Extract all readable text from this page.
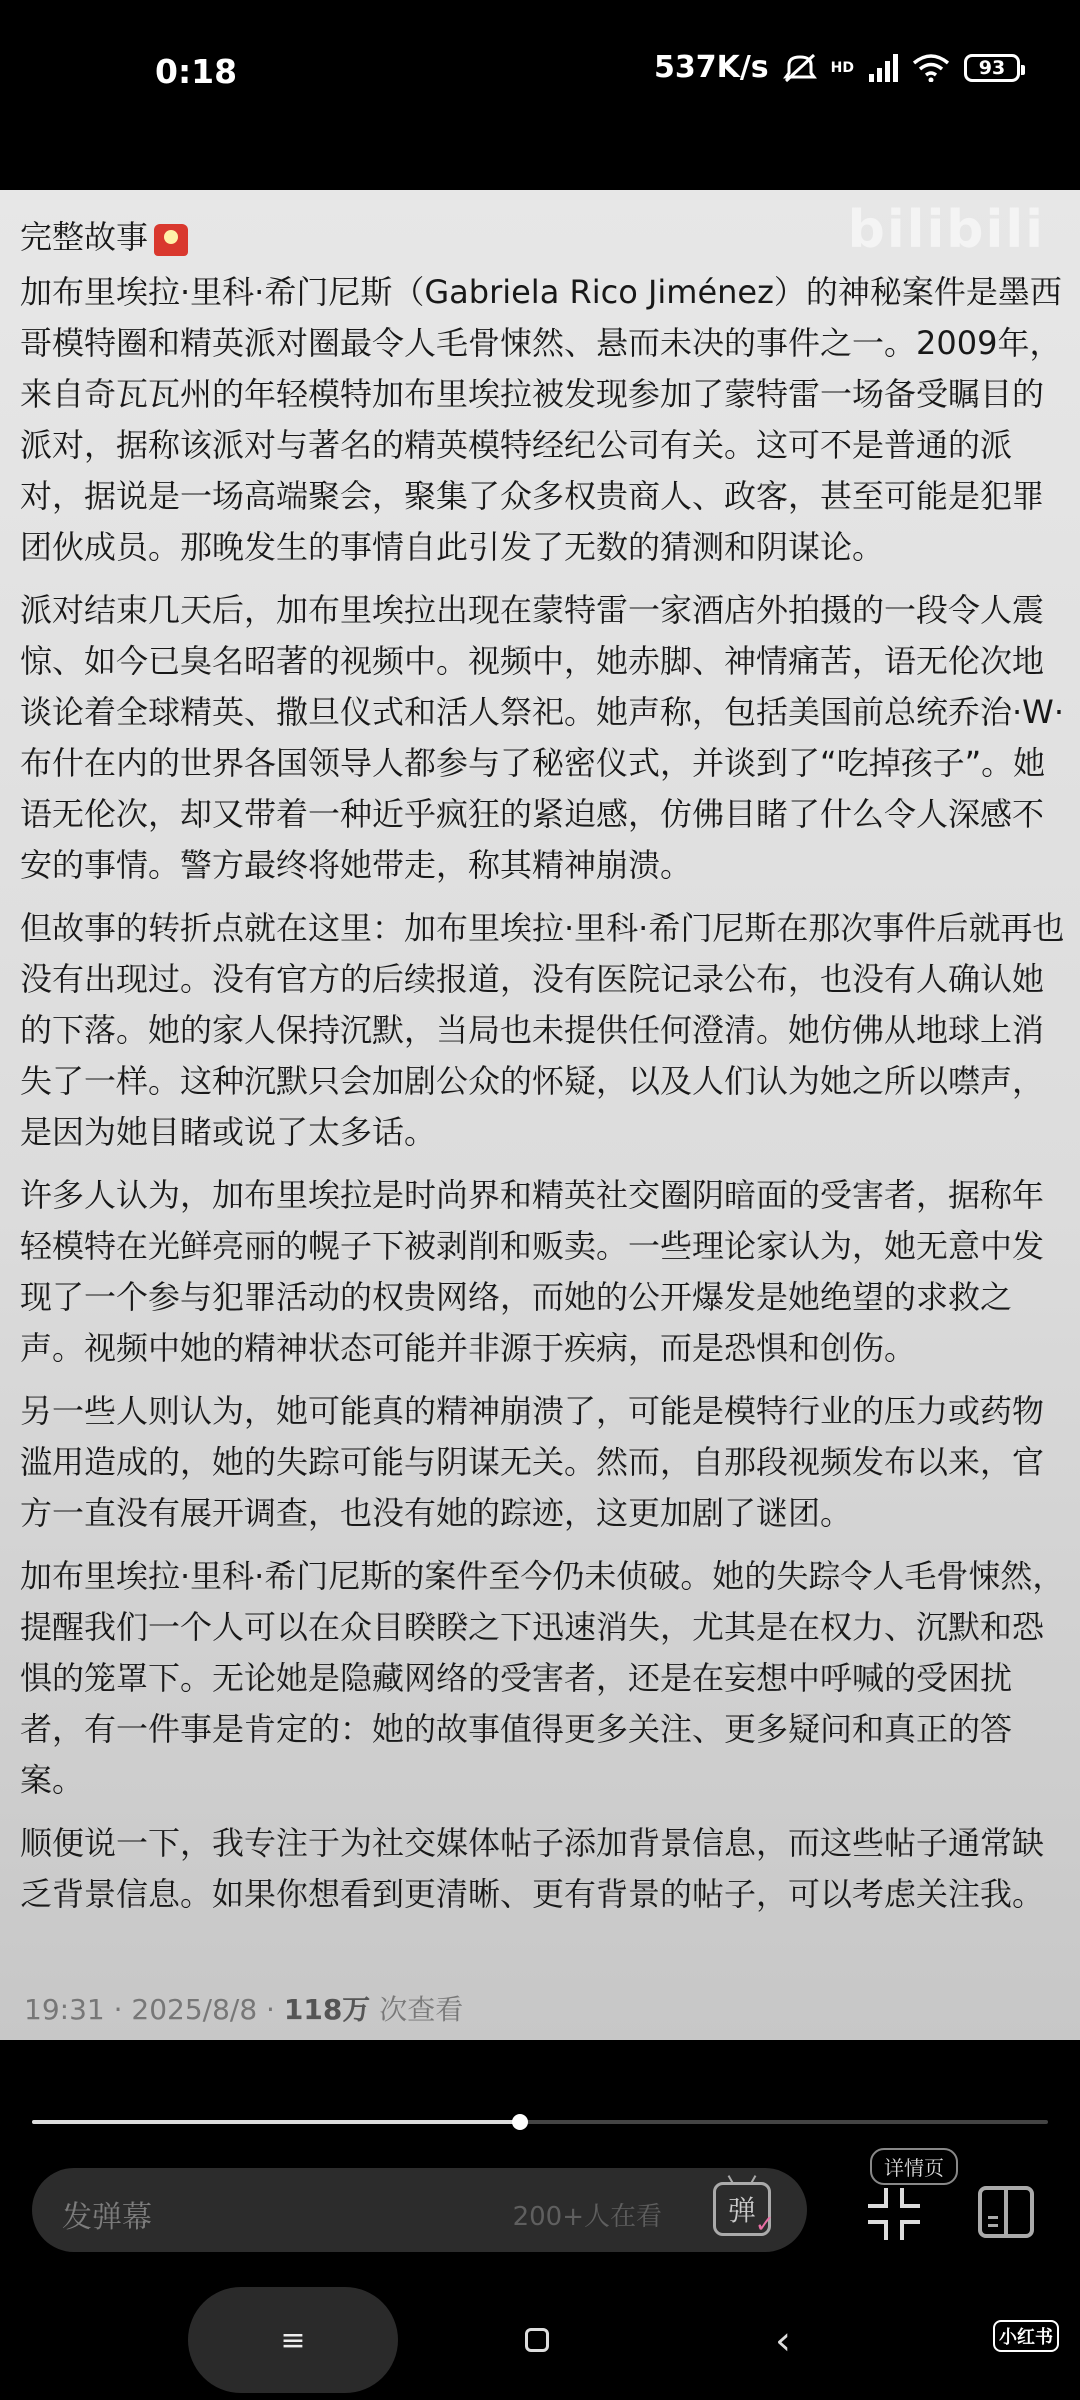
0:18	537K/s	HD	93
bilibili
完整故事

加布里埃拉·里科·希门尼斯（Gabriela Rico Jiménez）的神秘案件是墨西哥模特圈和精英派对圈最令人毛骨悚然、悬而未决的事件之一。2009年，来自奇瓦瓦州的年轻模特加布里埃拉被发现参加了蒙特雷一场备受瞩目的派对，据称该派对与著名的精英模特经纪公司有关。这可不是普通的派对，据说是一场高端聚会，聚集了众多权贵商人、政客，甚至可能是犯罪团伙成员。那晚发生的事情自此引发了无数的猜测和阴谋论。

派对结束几天后，加布里埃拉出现在蒙特雷一家酒店外拍摄的一段令人震惊、如今已臭名昭著的视频中。视频中，她赤脚、神情痛苦，语无伦次地谈论着全球精英、撒旦仪式和活人祭祀。她声称，包括美国前总统乔治·W·布什在内的世界各国领导人都参与了秘密仪式，并谈到了“吃掉孩子”。她语无伦次，却又带着一种近乎疯狂的紧迫感，仿佛目睹了什么令人深感不安的事情。警方最终将她带走，称其精神崩溃。

但故事的转折点就在这里：加布里埃拉·里科·希门尼斯在那次事件后就再也没有出现过。没有官方的后续报道，没有医院记录公布，也没有人确认她的下落。她的家人保持沉默，当局也未提供任何澄清。她仿佛从地球上消失了一样。这种沉默只会加剧公众的怀疑，以及人们认为她之所以噤声，是因为她目睹或说了太多话。

许多人认为，加布里埃拉是时尚界和精英社交圈阴暗面的受害者，据称年轻模特在光鲜亮丽的幌子下被剥削和贩卖。一些理论家认为，她无意中发现了一个参与犯罪活动的权贵网络，而她的公开爆发是她绝望的求救之声。视频中她的精神状态可能并非源于疾病，而是恐惧和创伤。

另一些人则认为，她可能真的精神崩溃了，可能是模特行业的压力或药物滥用造成的，她的失踪可能与阴谋无关。然而，自那段视频发布以来，官方一直没有展开调查，也没有她的踪迹，这更加剧了谜团。

加布里埃拉·里科·希门尼斯的案件至今仍未侦破。她的失踪令人毛骨悚然，提醒我们一个人可以在众目睽睽之下迅速消失，尤其是在权力、沉默和恐惧的笼罩下。无论她是隐藏网络的受害者，还是在妄想中呼喊的受困扰者，有一件事是肯定的：她的故事值得更多关注、更多疑问和真正的答案。

顺便说一下，我专注于为社交媒体帖子添加背景信息，而这些帖子通常缺乏背景信息。如果你想看到更清晰、更有背景的帖子，可以考虑关注我。

19:31 · 2025/8/8 · 118万 次查看
发弹幕	200+人在看 弹
✓
详情页
≡	‹	小红书
